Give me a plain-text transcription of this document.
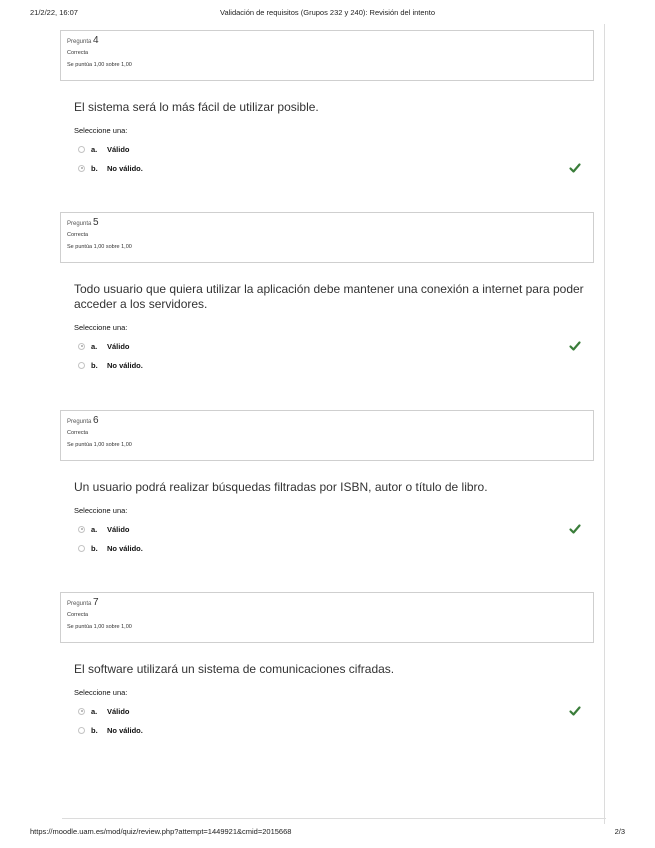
21/2/22, 16:07	Validación de requisitos (Grupos 232 y 240): Revisión del intento
Pregunta 4
Correcta
Se puntúa 1,00 sobre 1,00
El sistema será lo más fácil de utilizar posible.
Seleccione una:
a. Válido
b. No válido.
Pregunta 5
Correcta
Se puntúa 1,00 sobre 1,00
Todo usuario que quiera utilizar la aplicación debe mantener una conexión a internet para poder acceder a los servidores.
Seleccione una:
a. Válido
b. No válido.
Pregunta 6
Correcta
Se puntúa 1,00 sobre 1,00
Un usuario podrá realizar búsquedas filtradas por ISBN, autor o título de libro.
Seleccione una:
a. Válido
b. No válido.
Pregunta 7
Correcta
Se puntúa 1,00 sobre 1,00
El software utilizará un sistema de comunicaciones cifradas.
Seleccione una:
a. Válido
b. No válido.
https://moodle.uam.es/mod/quiz/review.php?attempt=1449921&cmid=2015668	2/3
